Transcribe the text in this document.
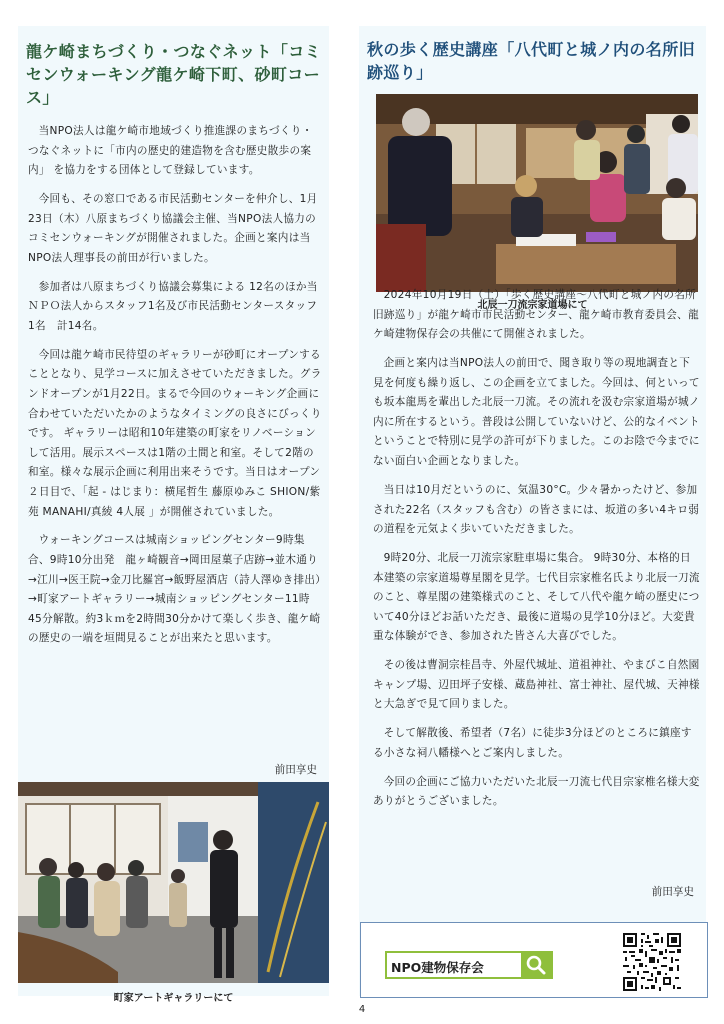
龍ケ崎まちづくり・つなぐネット「コミセンウォーキング龍ケ崎下町、砂町コース」

当NPO法人は龍ケ崎市地域づくり推進課のまちづくり・つなぐネットに「市内の歴史的建造物を含む歴史散歩の案内」 を協力をする団体として登録しています。

今回も、その窓口である市民活動センターを仲介し、1月23日（木）八原まちづくり協議会主催、当NPO法人協力のコミセンウォーキングが開催されました。企画と案内は当NPO法人理事長の前田が行いました。

参加者は八原まちづくり協議会募集による 12名のほか当ＮＰＯ法人からスタッフ1名及び市民活動センタースタッフ1名　計14名。

今回は龍ケ崎市民待望のギャラリーが砂町にオープンすることとなり、見学コースに加えさせていただきました。グランドオープンが1月22日。まるで今回のウォーキング企画に合わせていただいたかのようなタイミングの良さにびっくりです。 ギャラリーは昭和10年建築の町家をリノベーションして活用。展示スペースは1階の土間と和室。そして2階の和室。様々な展示企画に利用出来そうです。当日はオープン２日目で、「起 - はじまり：横尾哲生 藤原ゆみこ SHION/紫苑 MANAHI/真綾 4人展 」が開催されていました。

ウォーキングコースは城南ショッピングセンター9時集合、9時10分出発　龍ヶ崎観音→岡田屋菓子店跡→並木通り→江川→医王院→金刀比羅宮→飯野屋酒店（詩人澤ゆき排出）→町家アートギャラリー→城南ショッピングセンター11時45分解散。約3ｋｍを2時間30分かけて楽しく歩き、龍ケ崎の歴史の一端を垣間見ることが出来たと思います。

前田享史
町家アートギャラリーにて
秋の歩く歴史講座「八代町と城ノ内の名所旧跡巡り」
北辰一刀流宗家道場にて

2024年10月19日（土）「歩く歴史講座〜八代町と城ノ内の名所旧跡巡り」が龍ケ崎市市民活動センター、龍ケ崎市教育委員会、龍ケ崎建物保存会の共催にて開催されました。

企画と案内は当NPO法人の前田で、聞き取り等の現地調査と下見を何度も繰り返し、この企画を立てました。今回は、何といっても坂本龍馬を輩出した北辰一刀流。その流れを汲む宗家道場が城ノ内に所在するという。普段は公開していないけど、公的なイベントということで特別に見学の許可が下りました。このお陰で今までにない面白い企画となりました。

当日は10月だというのに、気温30°C。少々暑かったけど、参加された22名（スタッフも含む）の皆さまには、坂道の多い4キロ弱の道程を元気よく歩いていただきました。

9時20分、北辰一刀流宗家駐車場に集合。 9時30分、本格的日本建築の宗家道場尊星閣を見学。七代目宗家椎名氏より北辰一刀流のこと、尊星閣の建築様式のこと、そして八代や龍ケ崎の歴史について40分ほどお話いただき、最後に道場の見学10分ほど。大変貴重な体験ができ、参加された皆さん大喜びでした。

その後は曹洞宗桂昌寺、外屋代城址、道祖神社、やまびこ自然園キャンプ場、辺田坪子安様、蔵島神社、富士神社、屋代城、天神様と大急ぎで見て回りました。

そして解散後、希望者（7名）に徒歩3分ほどのところに鎮座する小さな祠八幡様へとご案内しました。

今回の企画にご協力いただいた北辰一刀流七代目宗家椎名様大変ありがとうございました。

前田享史
NPO建物保存会
4
